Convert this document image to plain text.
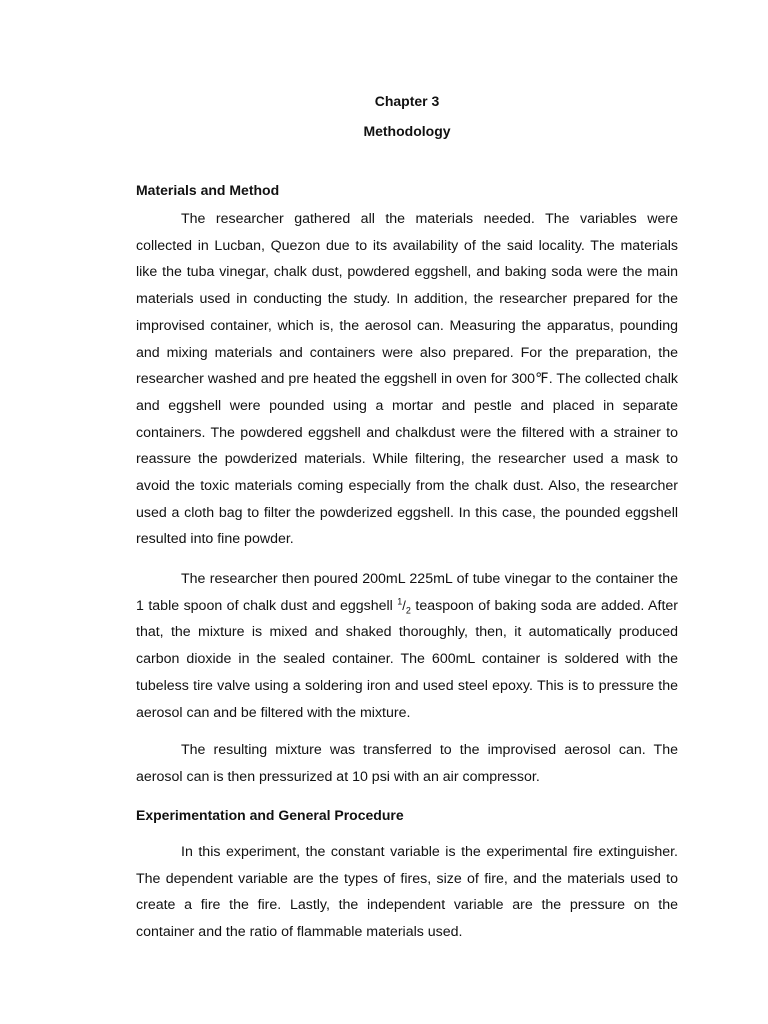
Chapter 3
Methodology
Materials and Method

The researcher gathered all the materials needed. The variables were collected in Lucban, Quezon due to its availability of the said locality. The materials like the tuba vinegar, chalk dust, powdered eggshell, and baking soda were the main materials used in conducting the study. In addition, the researcher prepared for the improvised container, which is, the aerosol can. Measuring the apparatus, pounding and mixing materials and containers were also prepared. For the preparation, the researcher washed and pre heated the eggshell in oven for 300℉. The collected chalk and eggshell were pounded using a mortar and pestle and placed in separate containers. The powdered eggshell and chalkdust were the filtered with a strainer to reassure the powderized materials. While filtering, the researcher used a mask to avoid the toxic materials coming especially from the chalk dust. Also, the researcher used a cloth bag to filter the powderized eggshell. In this case, the pounded eggshell resulted into fine powder.

The researcher then poured 200mL 225mL of tube vinegar to the container the 1 table spoon of chalk dust and eggshell $^1/_2$ teaspoon of baking soda are added. After that, the mixture is mixed and shaked thoroughly, then, it automatically produced carbon dioxide in the sealed container. The 600mL container is soldered with the tubeless tire valve using a soldering iron and used steel epoxy. This is to pressure the aerosol can and be filtered with the mixture.

The resulting mixture was transferred to the improvised aerosol can. The aerosol can is then pressurized at 10 psi with an air compressor.

Experimentation and General Procedure

In this experiment, the constant variable is the experimental fire extinguisher. The dependent variable are the types of fires, size of fire, and the materials used to create a fire the fire. Lastly, the independent variable are the pressure on the container and the ratio of flammable materials used.
